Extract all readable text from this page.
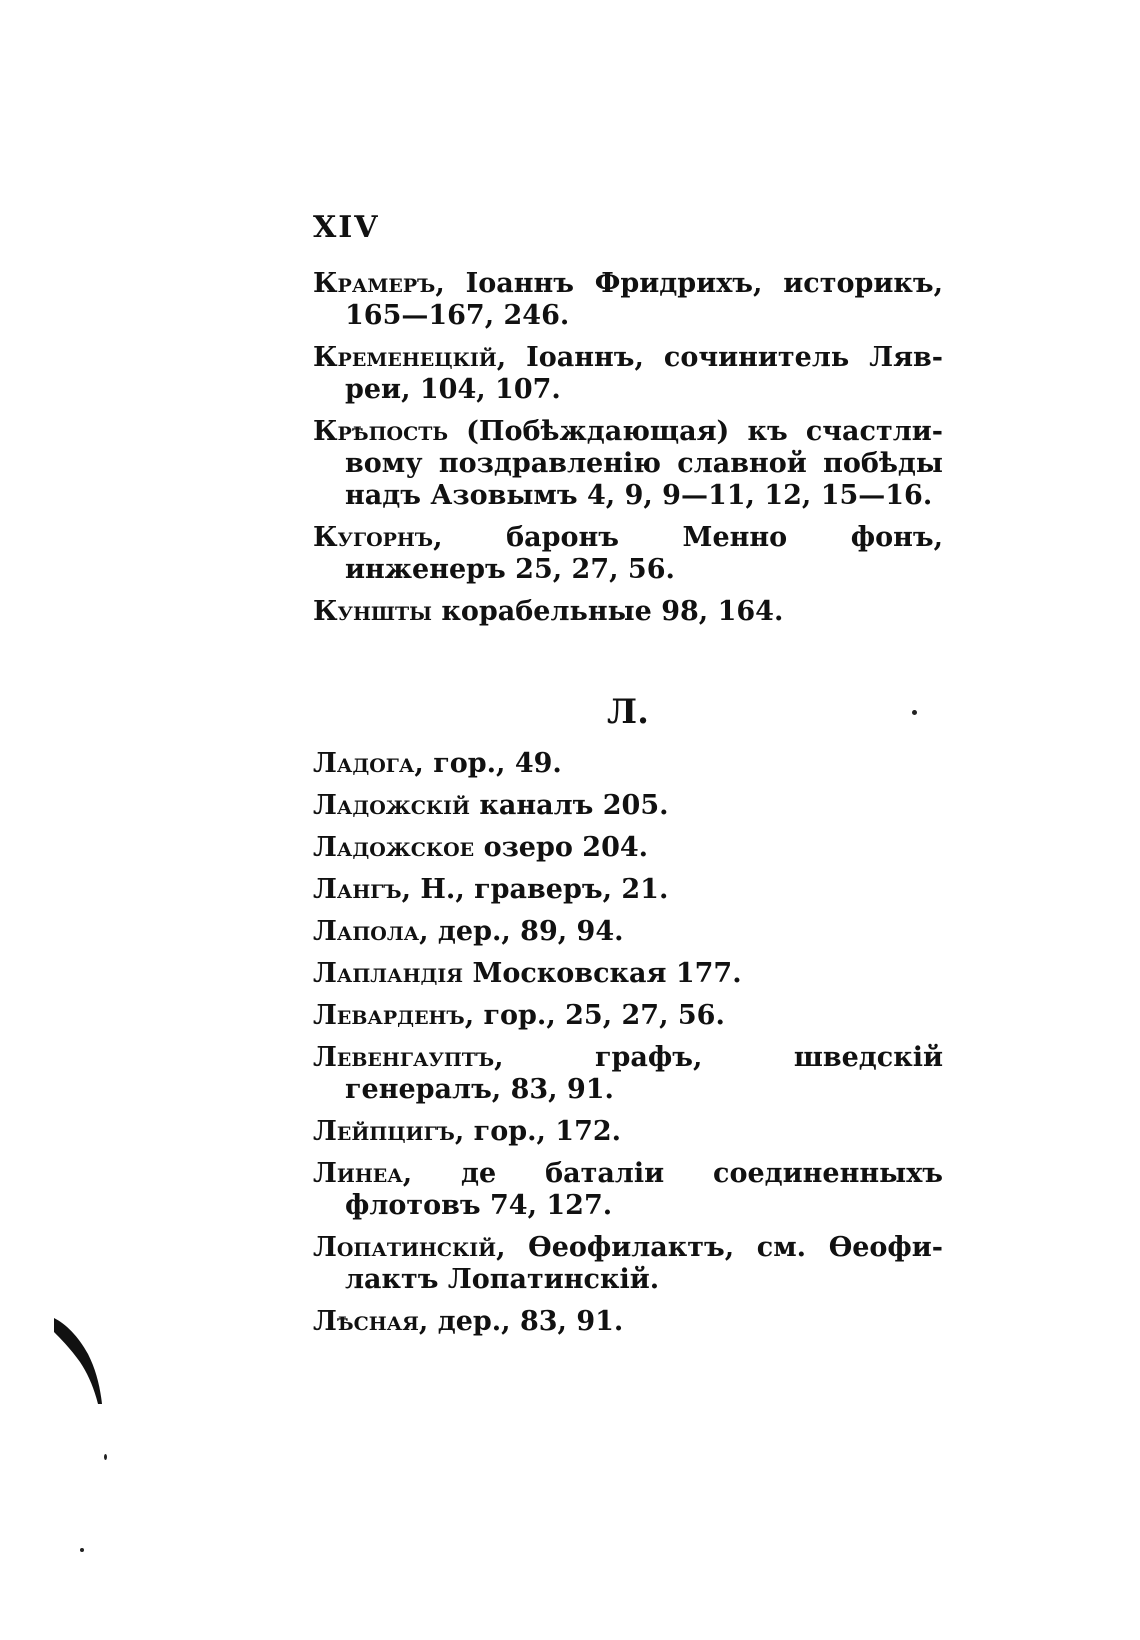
XIV
Крамеръ, Іоаннъ Фридрихъ, историкъ, 165—167, 246.
Кременецкій, Іоаннъ, сочинитель Лявреи, 104, 107.
Крѣпость (Побѣждающая) къ счастливому поздравленію славной побѣды надъ Азовымъ 4, 9, 9—11, 12, 15—16.
Кугорнъ, баронъ Менно фонъ, инженеръ 25, 27, 56.
Куншты корабельные 98, 164.
Л.
Ладога, гор., 49.
Ладожскій каналъ 205.
Ладожское озеро 204.
Лангъ, Н., граверъ, 21.
Лапола, дер., 89, 94.
Лапландія Московская 177.
Леварденъ, гор., 25, 27, 56.
Левенгауптъ, графъ, шведскій генералъ, 83, 91.
Лейпцигъ, гор., 172.
Линеа, де баталіи соединенныхъ флотовъ 74, 127.
Лопатинскій, Ѳеофилактъ, см. Ѳеофилактъ Лопатинскій.
Лѣсная, дер., 83, 91.
